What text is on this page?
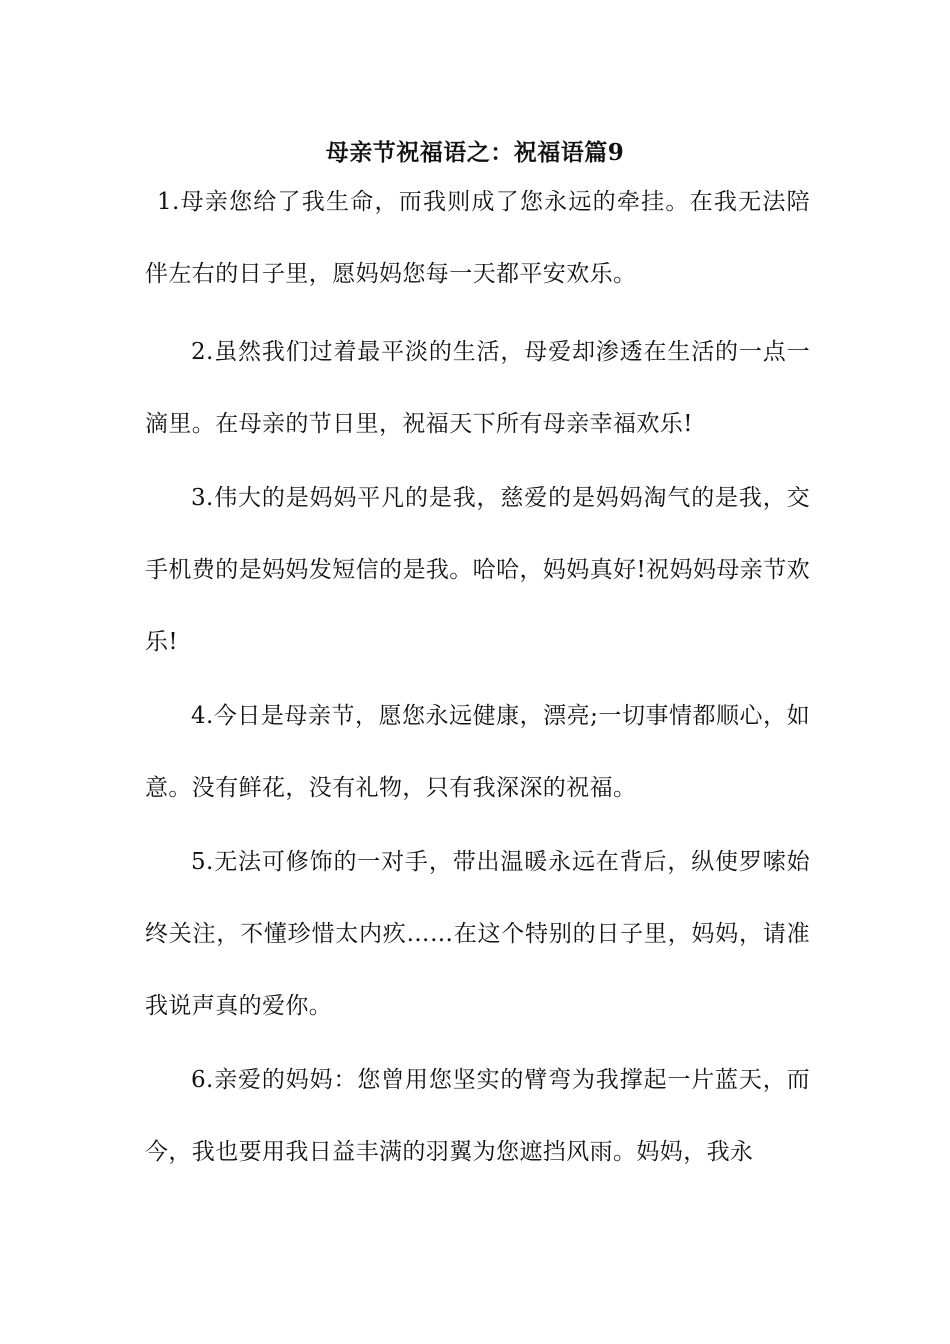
母亲节祝福语之：祝福语篇9

1.母亲您给了我生命，而我则成了您永远的牵挂。在我无法陪伴左右的日子里，愿妈妈您每一天都平安欢乐。

2.虽然我们过着最平淡的生活，母爱却渗透在生活的一点一滴里。在母亲的节日里，祝福天下所有母亲幸福欢乐!

3.伟大的是妈妈平凡的是我，慈爱的是妈妈淘气的是我，交手机费的是妈妈发短信的是我。哈哈，妈妈真好!祝妈妈母亲节欢乐!

4.今日是母亲节，愿您永远健康，漂亮;一切事情都顺心，如意。没有鲜花，没有礼物，只有我深深的祝福。

5.无法可修饰的一对手，带出温暖永远在背后，纵使罗嗦始终关注，不懂珍惜太内疚……在这个特别的日子里，妈妈，请准我说声真的爱你。

6.亲爱的妈妈：您曾用您坚实的臂弯为我撑起一片蓝天，而今，我也要用我日益丰满的羽翼为您遮挡风雨。妈妈，我永
